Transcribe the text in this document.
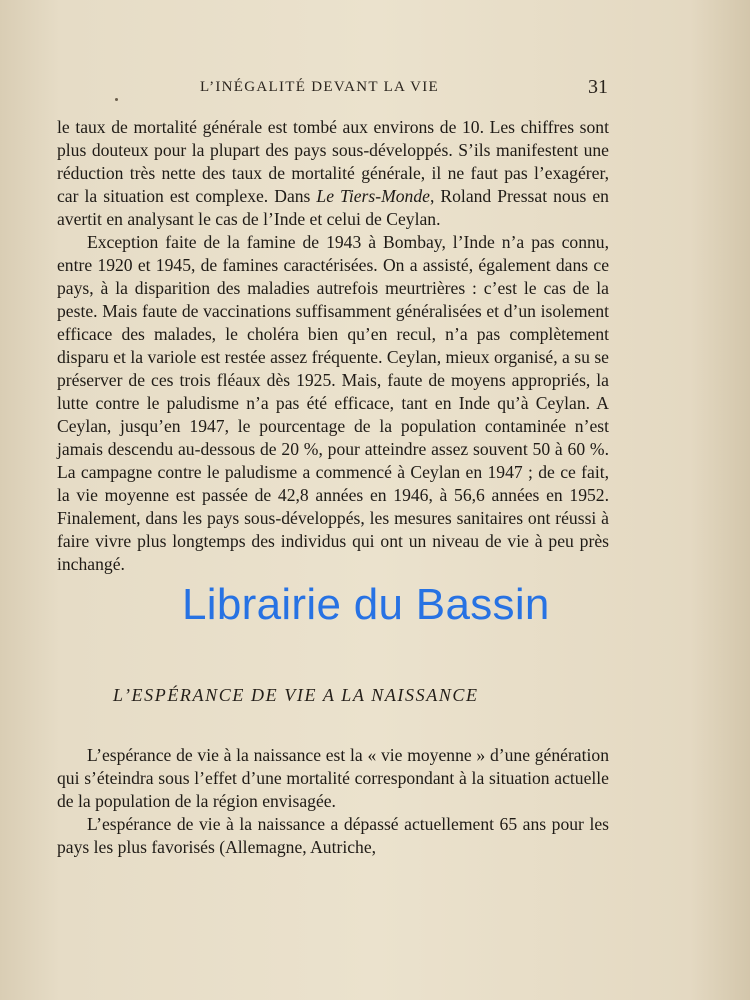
L’INÉGALITÉ DEVANT LA VIE	31

le taux de mortalité générale est tombé aux environs de 10. Les chiffres sont plus douteux pour la plupart des pays sous-développés. S’ils manifestent une réduction très nette des taux de mortalité générale, il ne faut pas l’exagérer, car la situation est complexe. Dans Le Tiers-Monde, Roland Pressat nous en avertit en analysant le cas de l’Inde et celui de Ceylan.

Exception faite de la famine de 1943 à Bombay, l’Inde n’a pas connu, entre 1920 et 1945, de famines caractérisées. On a assisté, également dans ce pays, à la disparition des maladies autrefois meurtrières : c’est le cas de la peste. Mais faute de vaccinations suffisamment généralisées et d’un isolement efficace des malades, le choléra bien qu’en recul, n’a pas complètement disparu et la variole est restée assez fréquente. Ceylan, mieux organisé, a su se préserver de ces trois fléaux dès 1925. Mais, faute de moyens appropriés, la lutte contre le paludisme n’a pas été efficace, tant en Inde qu’à Ceylan. A Ceylan, jusqu’en 1947, le pourcentage de la population contaminée n’est jamais descendu au-dessous de 20 %, pour atteindre assez souvent 50 à 60 %. La campagne contre le paludisme a commencé à Ceylan en 1947 ; de ce fait, la vie moyenne est passée de 42,8 années en 1946, à 56,6 années en 1952. Finalement, dans les pays sous-développés, les mesures sanitaires ont réussi à faire vivre plus longtemps des individus qui ont un niveau de vie à peu près inchangé.

L’ESPÉRANCE DE VIE A LA NAISSANCE

L’espérance de vie à la naissance est la « vie moyenne » d’une génération qui s’éteindra sous l’effet d’une mortalité correspondant à la situation actuelle de la population de la région envisagée.

L’espérance de vie à la naissance a dépassé actuellement 65 ans pour les pays les plus favorisés (Allemagne, Autriche,

Librairie du Bassin
